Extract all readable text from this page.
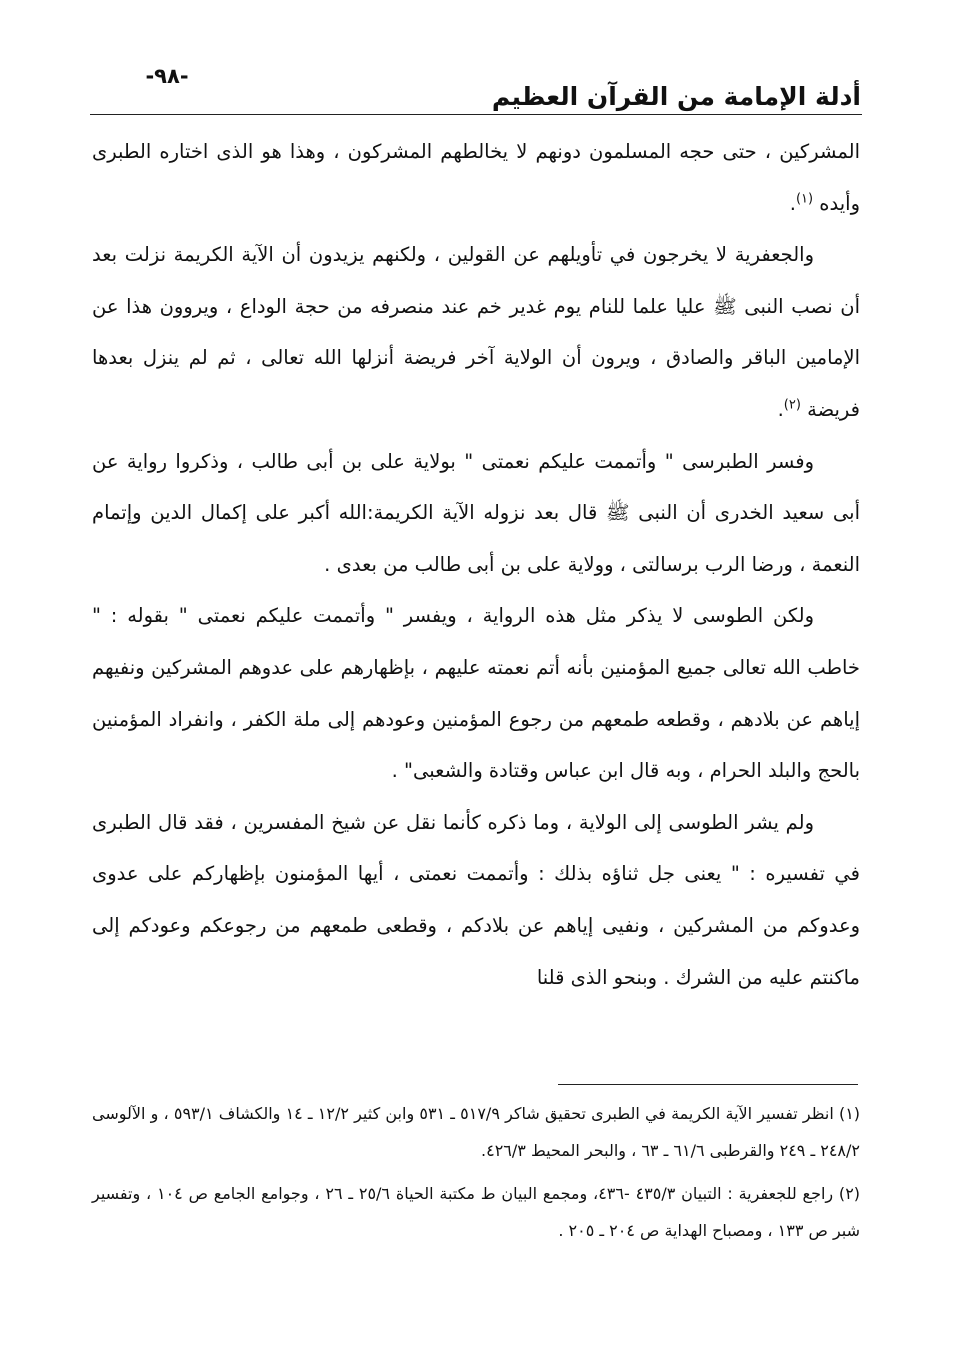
-٩٨-
أدلة الإمامة من القرآن العظيم

المشركين ، حتى حجه المسلمون دونهم لا يخالطهم المشركون ، وهذا هو الذى اختاره الطبرى وأيده $^{(١)}$.

والجعفرية لا يخرجون في تأويلهم عن القولين ، ولكنهم يزيدون أن الآية الكريمة نزلت بعد أن نصب النبى ﷺ عليا علما للنام يوم غدير خم عند منصرفه من حجة الوداع ، ويروون هذا عن الإمامين الباقر والصادق ، ويرون أن الولاية آخر فريضة أنزلها الله تعالى ، ثم لم ينزل بعدها فريضة $^{(٢)}$.

وفسر الطبرسى " وأتممت عليكم نعمتى " بولاية على بن أبى طالب ، وذكروا رواية عن أبى سعيد الخدرى أن النبى ﷺ قال بعد نزوله الآية الكريمة:الله أكبر على إكمال الدين وإتمام النعمة ، ورضا الرب برسالتى ، وولاية على بن أبى طالب من بعدى .

ولكن الطوسى لا يذكر مثل هذه الرواية ، ويفسر " وأتممت عليكم نعمتى " بقوله : " خاطب الله تعالى جميع المؤمنين بأنه أتم نعمته عليهم ، بإظهارهم على عدوهم المشركين ونفيهم إياهم عن بلادهم ، وقطعه طمعهم من رجوع المؤمنين وعودهم إلى ملة الكفر ، وانفراد المؤمنين بالحج والبلد الحرام ، وبه قال ابن عباس وقتادة والشعبى" .

ولم يشر الطوسى إلى الولاية ، وما ذكره كأنما نقل عن شيخ المفسرين ، فقد قال الطبرى في تفسيره : " يعنى جل ثناؤه بذلك : وأتممت نعمتى ، أيها المؤمنون بإظهاركم على عدوى وعدوكم من المشركين ، ونفيى إياهم عن بلادكم ، وقطعى طمعهم من رجوعكم وعودكم إلى ماكنتم عليه من الشرك . وبنحو الذى قلنا

(١) انظر تفسير الآية الكريمة في الطبرى تحقيق شاكر ٥١٧/٩ ـ ٥٣١ وابن كثير ١٢/٢ ـ ١٤ والكشاف ٥٩٣/١ ، و الآلوسى ٢٤٨/٢ ـ ٢٤٩ والقرطبى ٦١/٦ ـ ٦٣ ، والبحر المحيط ٤٢٦/٣.

(٢) راجع للجعفرية : التبيان ٤٣٥/٣ -٤٣٦، ومجمع البيان ط مكتبة الحياة ٢٥/٦ ـ ٢٦ ، وجوامع الجامع ص ١٠٤ ، وتفسير شبر ص ١٣٣ ، ومصباح الهداية ص ٢٠٤ ـ ٢٠٥ .
